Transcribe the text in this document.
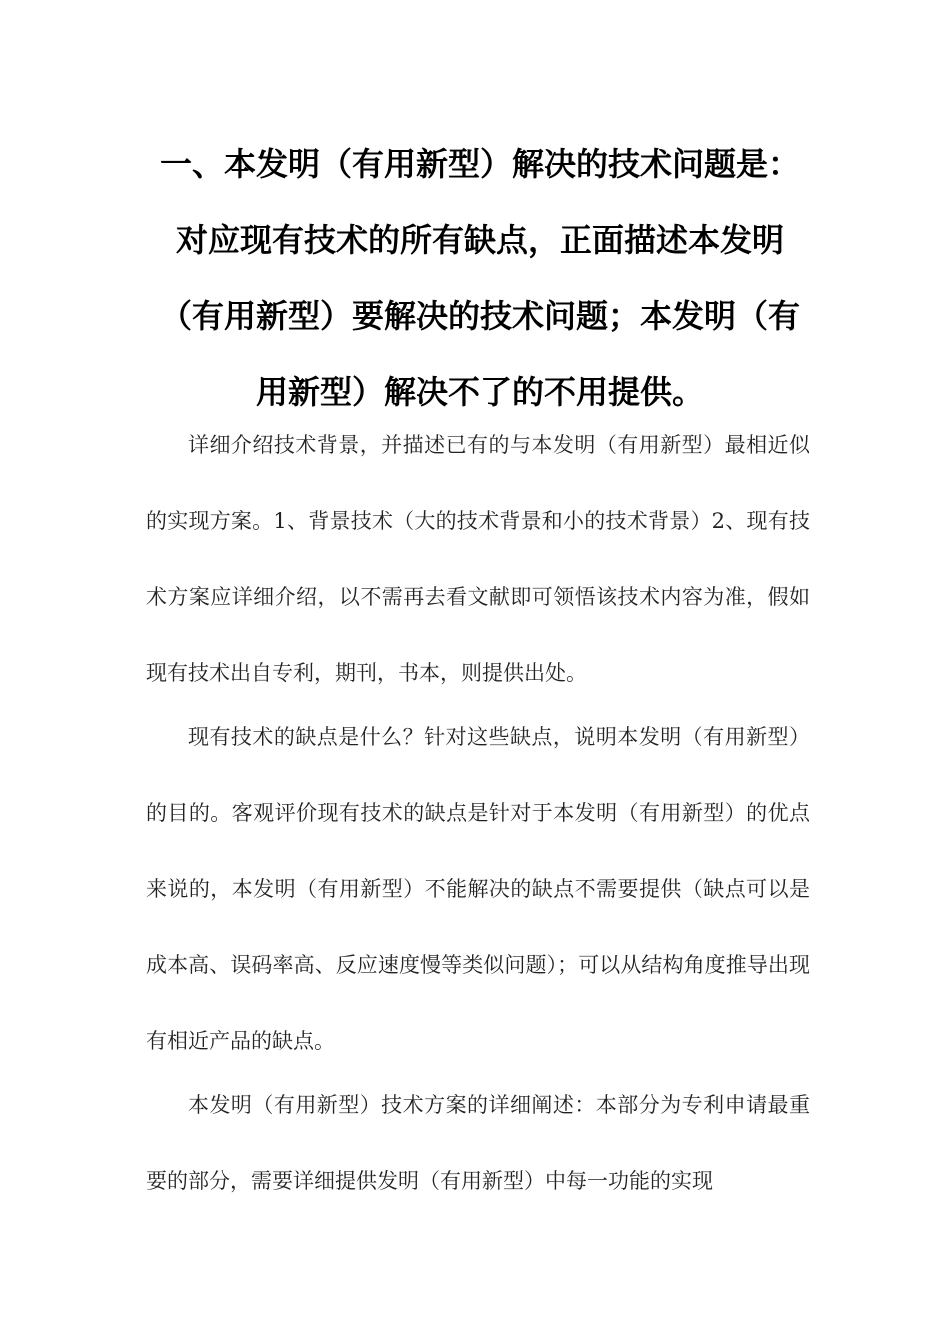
一、本发明（有用新型）解决的技术问题是：对应现有技术的所有缺点，正面描述本发明（有用新型）要解决的技术问题；本发明（有用新型）解决不了的不用提供。

详细介绍技术背景，并描述已有的与本发明（有用新型）最相近似的实现方案。1、背景技术（大的技术背景和小的技术背景）2、现有技术方案应详细介绍，以不需再去看文献即可领悟该技术内容为准，假如现有技术出自专利，期刊，书本，则提供出处。

现有技术的缺点是什么？针对这些缺点，说明本发明（有用新型）的目的。客观评价现有技术的缺点是针对于本发明（有用新型）的优点来说的，本发明（有用新型）不能解决的缺点不需要提供（缺点可以是成本高、误码率高、反应速度慢等类似问题）；可以从结构角度推导出现有相近产品的缺点。

本发明（有用新型）技术方案的详细阐述：本部分为专利申请最重要的部分，需要详细提供发明（有用新型）中每一功能的实现
